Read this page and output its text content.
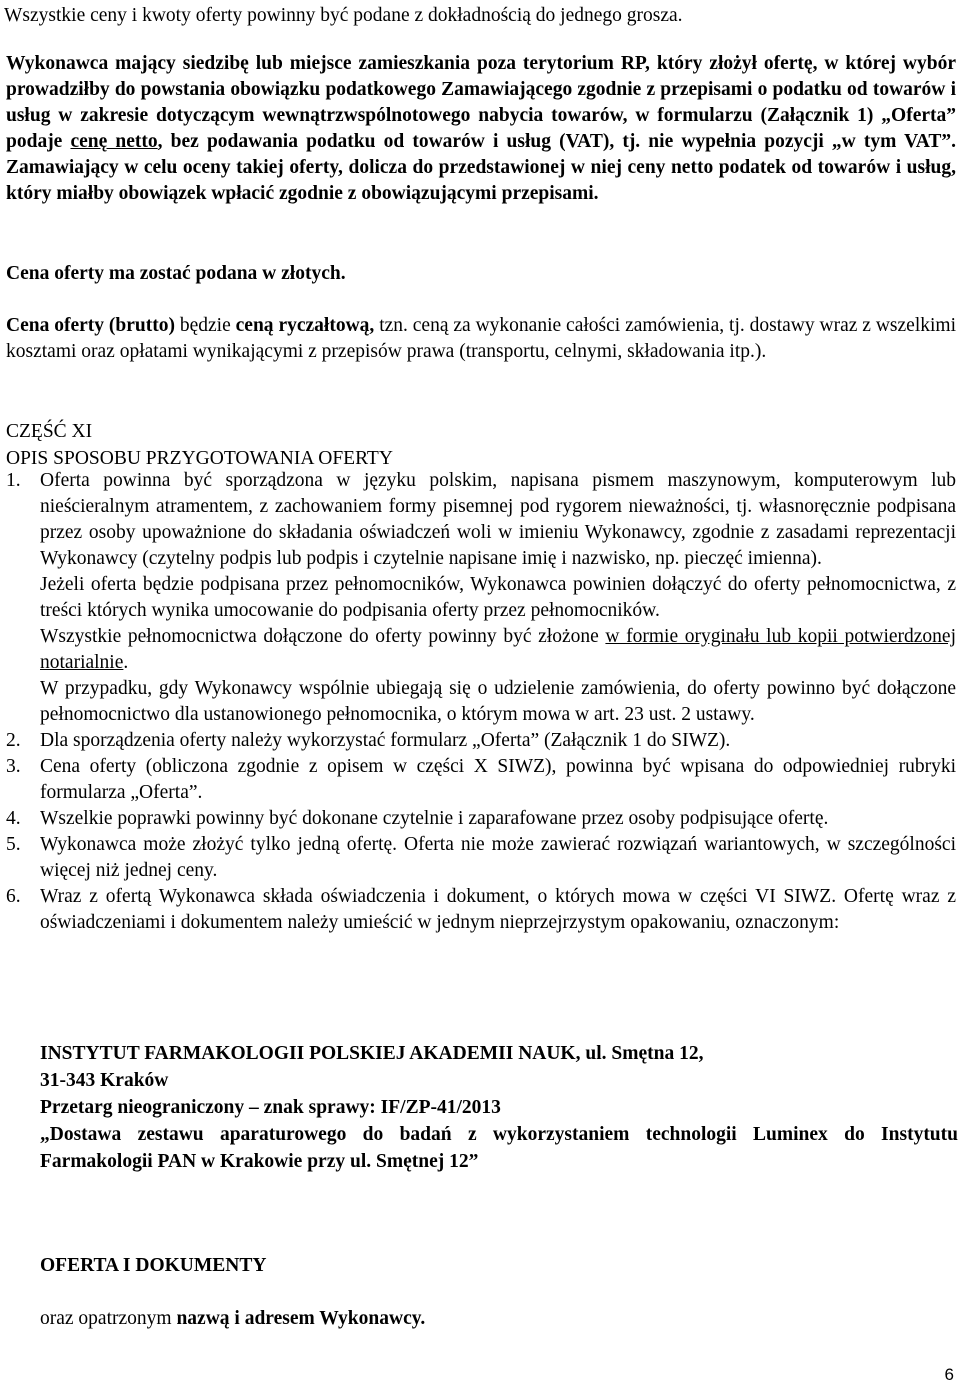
Wszystkie ceny i kwoty oferty powinny być podane z dokładnością do jednego grosza.

Wykonawca mający siedzibę lub miejsce zamieszkania poza terytorium RP, który złożył ofertę, w której wybór prowadziłby do powstania obowiązku podatkowego Zamawiającego zgodnie z przepisami o podatku od towarów i usług w zakresie dotyczącym wewnątrzwspólnotowego nabycia towarów, w formularzu (Załącznik 1) „Oferta” podaje cenę netto, bez podawania podatku od towarów i usług (VAT), tj. nie wypełnia pozycji „w tym VAT”. Zamawiający w celu oceny takiej oferty, dolicza do przedstawionej w niej ceny netto podatek od towarów i usług, który miałby obowiązek wpłacić zgodnie z obowiązującymi przepisami.

Cena oferty ma zostać podana w złotych.

Cena oferty (brutto) będzie ceną ryczałtową, tzn. ceną za wykonanie całości zamówienia, tj. dostawy wraz z wszelkimi kosztami oraz opłatami wynikającymi z przepisów prawa (transportu, celnymi, składowania itp.).

CZĘŚĆ XI
OPIS SPOSOBU PRZYGOTOWANIA OFERTY
1. Oferta powinna być sporządzona w języku polskim, napisana pismem maszynowym, komputerowym lub nieścieralnym atramentem, z zachowaniem formy pisemnej pod rygorem nieważności, tj. własnoręcznie podpisana przez osoby upoważnione do składania oświadczeń woli w imieniu Wykonawcy, zgodnie z zasadami reprezentacji Wykonawcy (czytelny podpis lub podpis i czytelnie napisane imię i nazwisko, np. pieczęć imienna).

Jeżeli oferta będzie podpisana przez pełnomocników, Wykonawca powinien dołączyć do oferty pełnomocnictwa, z treści których wynika umocowanie do podpisania oferty przez pełnomocników.

Wszystkie pełnomocnictwa dołączone do oferty powinny być złożone w formie oryginału lub kopii potwierdzonej notarialnie.

W przypadku, gdy Wykonawcy wspólnie ubiegają się o udzielenie zamówienia, do oferty powinno być dołączone pełnomocnictwo dla ustanowionego pełnomocnika, o którym mowa w art. 23 ust. 2 ustawy.

2. Dla sporządzenia oferty należy wykorzystać formularz „Oferta” (Załącznik 1 do SIWZ).

3. Cena oferty (obliczona zgodnie z opisem w części X SIWZ), powinna być wpisana do odpowiedniej rubryki formularza „Oferta”.

4. Wszelkie poprawki powinny być dokonane czytelnie i zaparafowane przez osoby podpisujące ofertę.

5. Wykonawca może złożyć tylko jedną ofertę. Oferta nie może zawierać rozwiązań wariantowych, w szczególności więcej niż jednej ceny.

6. Wraz z ofertą Wykonawca składa oświadczenia i dokument, o których mowa w części VI SIWZ. Ofertę wraz z oświadczeniami i dokumentem należy umieścić w jednym nieprzejrzystym opakowaniu, oznaczonym:

INSTYTUT FARMAKOLOGII POLSKIEJ AKADEMII NAUK, ul. Smętna 12,
31-343 Kraków
Przetarg nieograniczony – znak sprawy: IF/ZP-41/2013
„Dostawa zestawu aparaturowego do badań z wykorzystaniem technologii Luminex do Instytutu Farmakologii PAN w Krakowie przy ul. Smętnej 12”
OFERTA I DOKUMENTY
oraz opatrzonym nazwą i adresem Wykonawcy.
6
